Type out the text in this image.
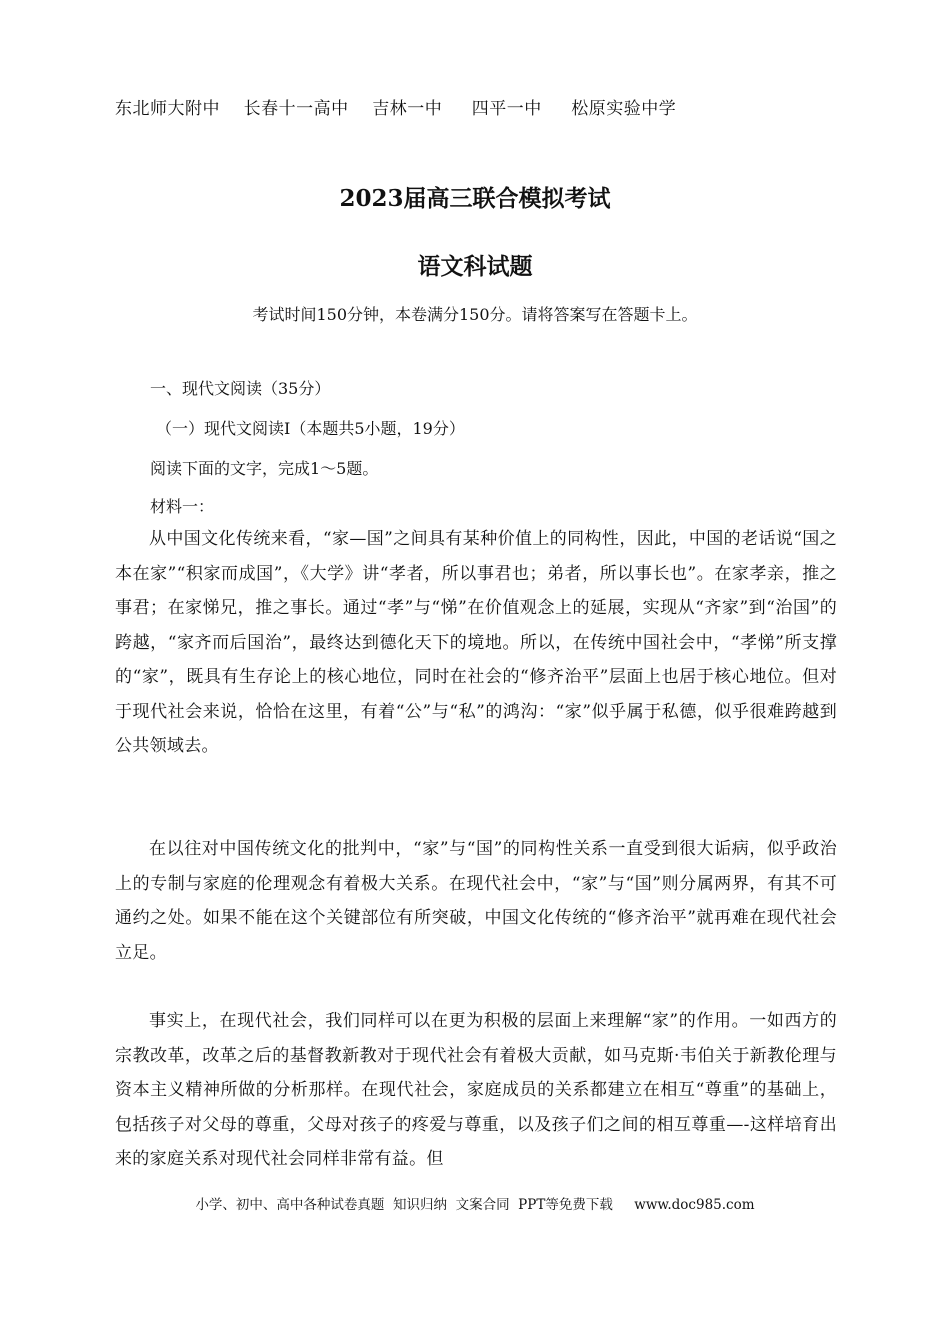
东北师大附中    长春十一高中    吉林一中     四平一中     松原实验中学
2023届高三联合模拟考试
语文科试题
考试时间150分钟，本卷满分150分。请将答案写在答题卡上。
一、现代文阅读（35分）
（一）现代文阅读I（本题共5小题，19分）
阅读下面的文字，完成1～5题。
材料一：

从中国文化传统来看，“家—国”之间具有某种价值上的同构性，因此，中国的老话说“国之本在家”“积家而成国”，《大学》讲“孝者，所以事君也；弟者，所以事长也”。在家孝亲，推之事君；在家悌兄，推之事长。通过“孝”与“悌”在价值观念上的延展，实现从“齐家”到“治国”的跨越，“家齐而后国治”，最终达到德化天下的境地。所以，在传统中国社会中，“孝悌”所支撑的“家”，既具有生存论上的核心地位，同时在社会的“修齐治平”层面上也居于核心地位。但对于现代社会来说，恰恰在这里，有着“公”与“私”的鸿沟：“家”似乎属于私德，似乎很难跨越到公共领域去。

在以往对中国传统文化的批判中，“家”与“国”的同构性关系一直受到很大诟病，似乎政治上的专制与家庭的伦理观念有着极大关系。在现代社会中，“家”与“国”则分属两界，有其不可通约之处。如果不能在这个关键部位有所突破，中国文化传统的“修齐治平”就再难在现代社会立足。

事实上，在现代社会，我们同样可以在更为积极的层面上来理解“家”的作用。一如西方的宗教改革，改革之后的基督教新教对于现代社会有着极大贡献，如马克斯·韦伯关于新教伦理与资本主义精神所做的分析那样。在现代社会，家庭成员的关系都建立在相互“尊重”的基础上，包括孩子对父母的尊重，父母对孩子的疼爱与尊重，以及孩子们之间的相互尊重—-这样培育出来的家庭关系对现代社会同样非常有益。但

小学、初中、高中各种试卷真题  知识归纳  文案合同  PPT等免费下载     www.doc985.com
